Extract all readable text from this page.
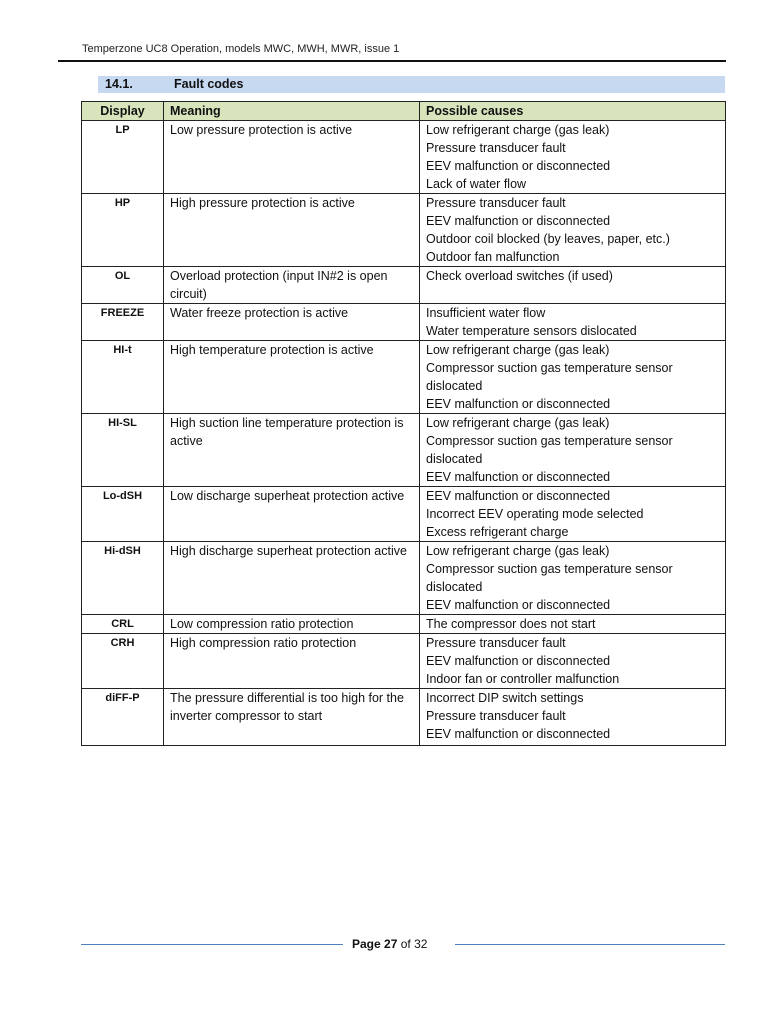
Temperzone UC8 Operation, models MWC, MWH, MWR, issue 1
14.1.	Fault codes
Display	Meaning	Possible causes
LP	Low pressure protection is active	Low refrigerant charge (gas leak)
Pressure transducer fault
EEV malfunction or disconnected
Lack of water flow

HP	High pressure protection is active	Pressure transducer fault
EEV malfunction or disconnected
Outdoor coil blocked (by leaves, paper, etc.)
Outdoor fan malfunction

OL	Overload protection (input IN#2 is open circuit)	Check overload switches (if used)

FREEZE	Water freeze protection is active	Insufficient water flow
Water temperature sensors dislocated

HI-t	High temperature protection is active	Low refrigerant charge (gas leak)
Compressor suction gas temperature sensor dislocated
EEV malfunction or disconnected

HI-SL	High suction line temperature protection is active	Low refrigerant charge (gas leak)
Compressor suction gas temperature sensor dislocated
EEV malfunction or disconnected

Lo-dSH	Low discharge superheat protection active	EEV malfunction or disconnected
Incorrect EEV operating mode selected
Excess refrigerant charge

Hi-dSH	High discharge superheat protection active	Low refrigerant charge (gas leak)
Compressor suction gas temperature sensor dislocated
EEV malfunction or disconnected

CRL	Low compression ratio protection	The compressor does not start

CRH	High compression ratio protection	Pressure transducer fault
EEV malfunction or disconnected
Indoor fan or controller malfunction

diFF-P	The pressure differential is too high for the inverter compressor to start	Incorrect DIP switch settings
Pressure transducer fault
EEV malfunction or disconnected
Page 27 of 32
